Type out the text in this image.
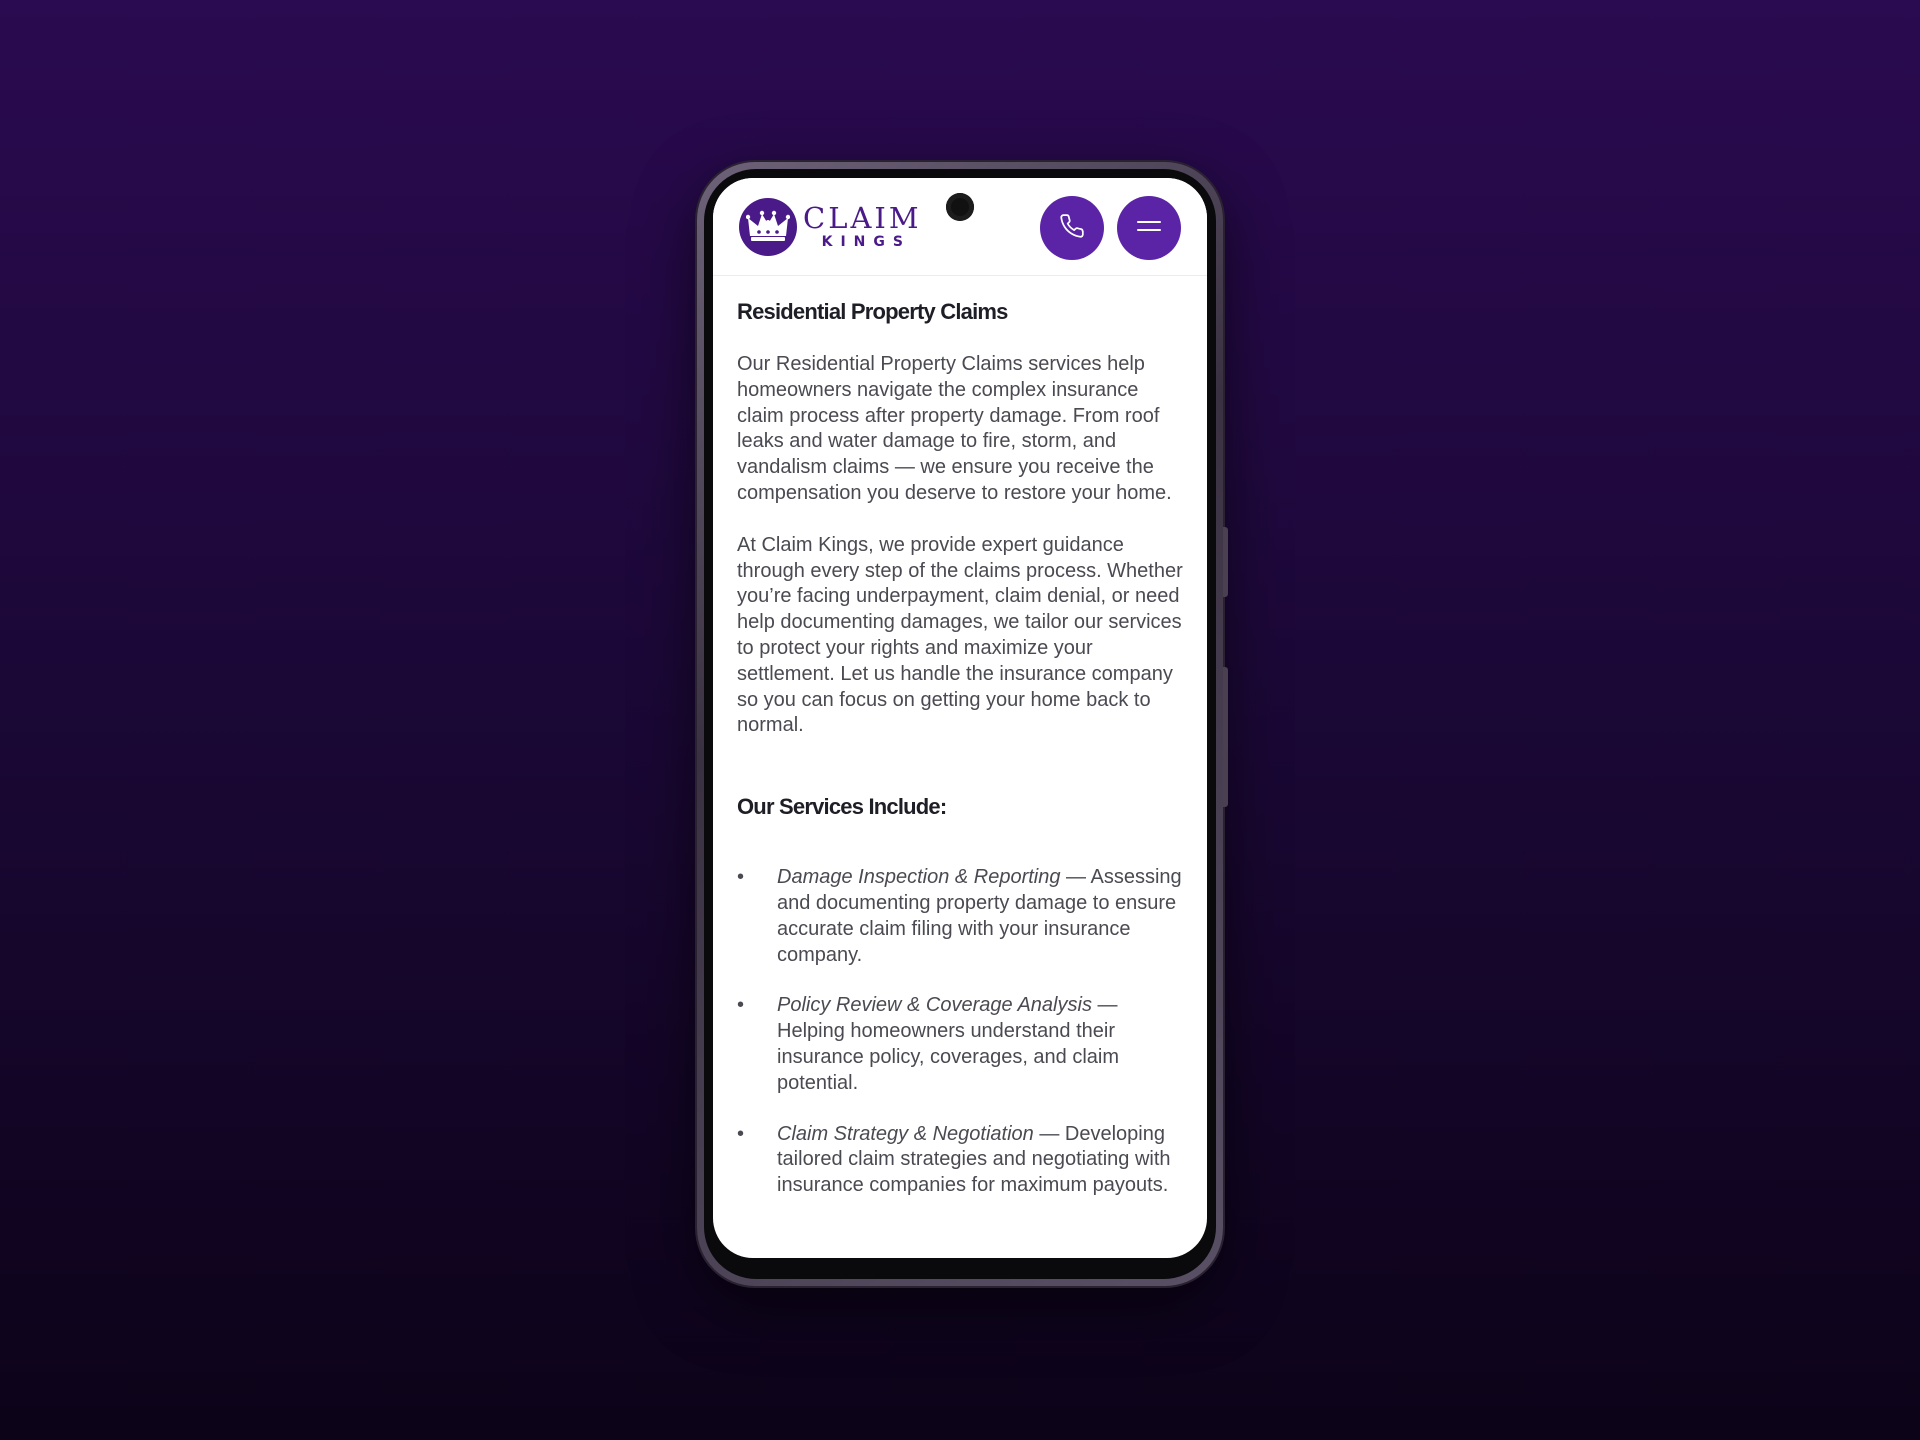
CLAIM
KINGS
Residential Property Claims

Our Residential Property Claims services help homeowners navigate the complex insurance claim process after property damage. From roof leaks and water damage to fire, storm, and vandalism claims — we ensure you receive the compensation you deserve to restore your home.

At Claim Kings, we provide expert guidance through every step of the claims process. Whether you’re facing underpayment, claim denial, or need help documenting damages, we tailor our services to protect your rights and maximize your settlement. Let us handle the insurance company so you can focus on getting your home back to normal.

Our Services Include:
• Damage Inspection & Reporting — Assessing and documenting property damage to ensure accurate claim filing with your insurance company.
• Policy Review & Coverage Analysis — Helping homeowners understand their insurance policy, coverages, and claim potential.
• Claim Strategy & Negotiation — Developing tailored claim strategies and negotiating with insurance companies for maximum payouts.
